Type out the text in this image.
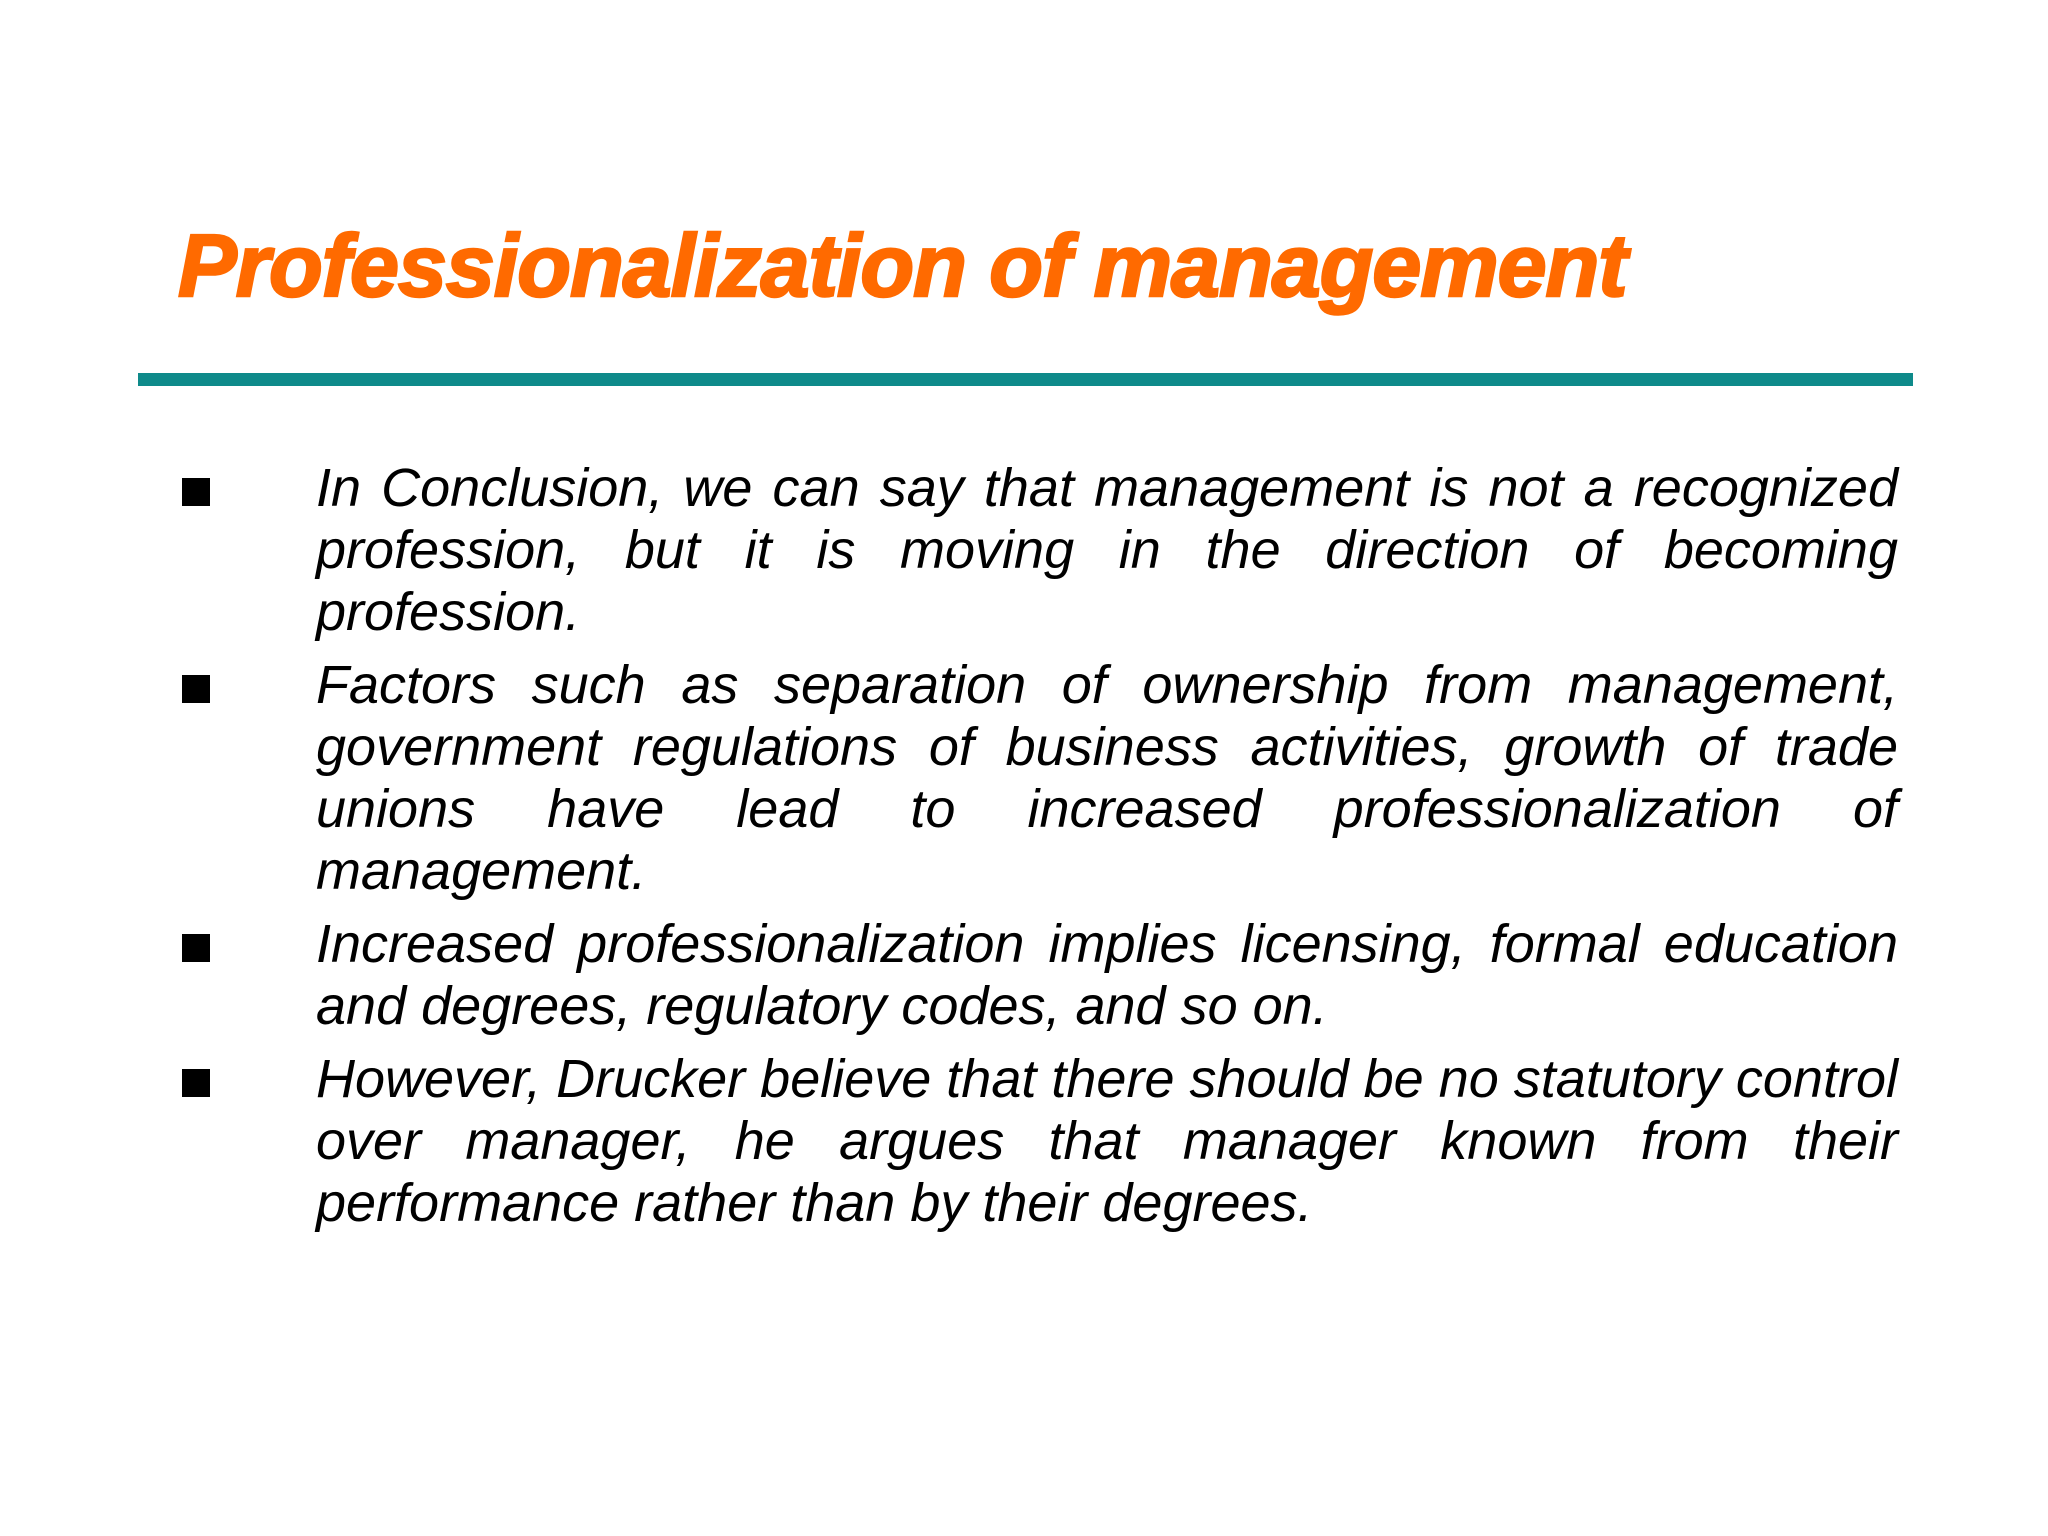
Professionalization of management
In Conclusion, we can say that management is not a recognized profession, but it is moving in the direction of becoming profession.
Factors such as separation of ownership from management, government regulations of business activities, growth of trade unions have lead to increased professionalization of management.
Increased professionalization implies licensing, formal education and degrees, regulatory codes, and so on.
However, Drucker believe that there should be no statutory control over manager, he argues that manager known from their performance rather than by their degrees.
